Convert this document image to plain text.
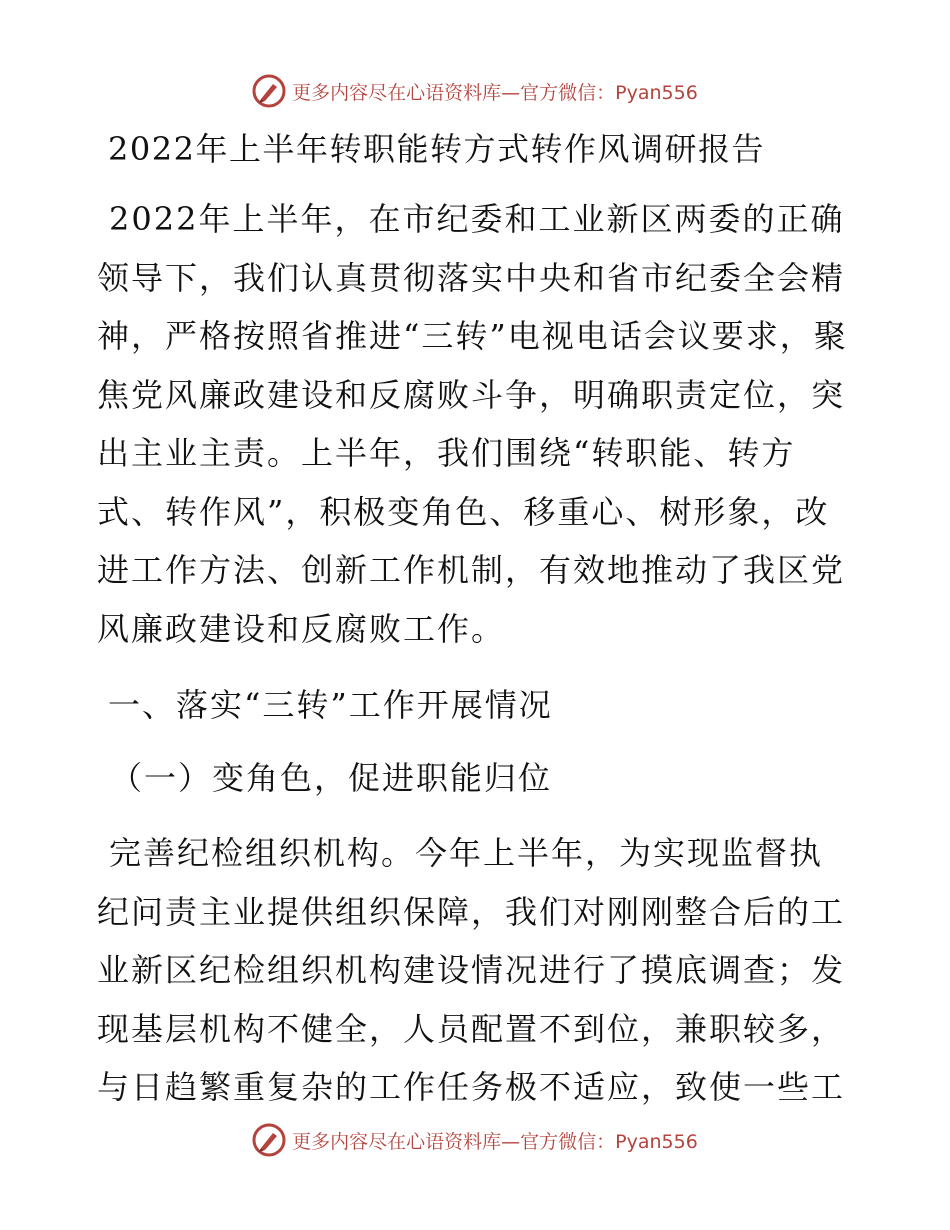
更多内容尽在心语资料库—官方微信：Pyan556
2022年上半年转职能转方式转作风调研报告

2022年上半年，在市纪委和工业新区两委的正确领导下，我们认真贯彻落实中央和省市纪委全会精神，严格按照省推进“三转”电视电话会议要求，聚焦党风廉政建设和反腐败斗争，明确职责定位，突出主业主责。上半年，我们围绕“转职能、转方式、转作风”，积极变角色、移重心、树形象，改进工作方法、创新工作机制，有效地推动了我区党风廉政建设和反腐败工作。

一、落实“三转”工作开展情况
（一）变角色，促进职能归位

完善纪检组织机构。今年上半年，为实现监督执纪问责主业提供组织保障，我们对刚刚整合后的工业新区纪检组织机构建设情况进行了摸底调查；发现基层机构不健全，人员配置不到位，兼职较多，与日趋繁重复杂的工作任务极不适应，致使一些工

更多内容尽在心语资料库—官方微信：Pyan556
